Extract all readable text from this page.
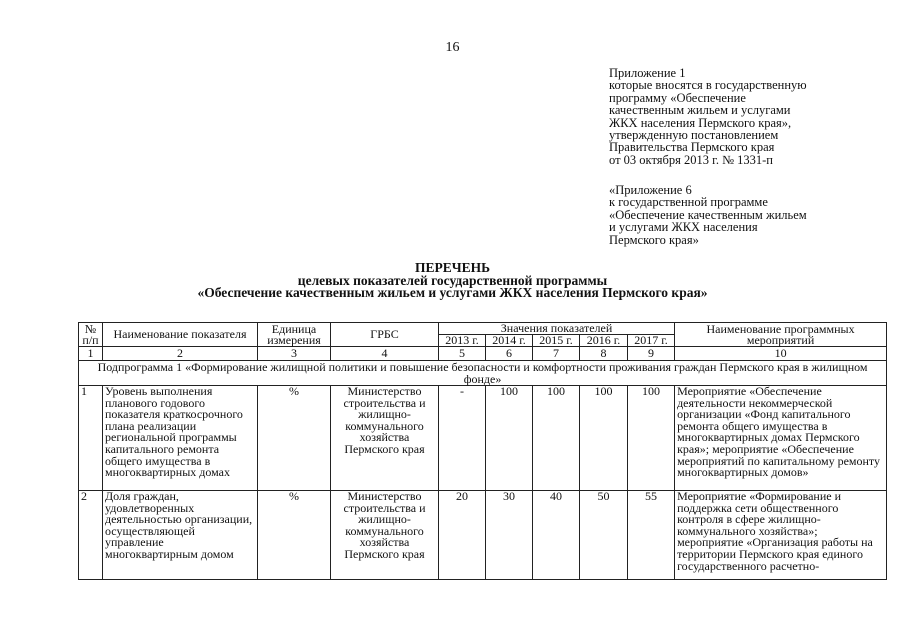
16
Приложение 1
которые вносятся в государственную
программу «Обеспечение
качественным жильем и услугами
ЖКХ населения Пермского края»,
утвержденную постановлением
Правительства Пермского края
от 03 октября 2013 г. № 1331-п
«Приложение 6
к государственной программе
«Обеспечение качественным жильем
и услугами ЖКХ населения
Пермского края»
ПЕРЕЧЕНЬ
целевых показателей государственной программы
«Обеспечение качественным жильем и услугами ЖКХ населения Пермского края»
№ п/п	Наименование показателя	Единица измерения	ГРБС	Значения показателей					Наименование программных мероприятий
				2013 г.	2014 г.	2015 г.	2016 г.	2017 г.	
1	2	3	4	5	6	7	8	9	10
Подпрограмма 1 «Формирование жилищной политики и повышение безопасности и комфортности проживания граждан Пермского края в жилищном фонде»									
1	Уровень выполнения планового годового показателя краткосрочного плана реализации региональной программы капитального ремонта общего имущества в многоквартирных домах	%	Министерство строительства и жилищно-коммунального хозяйства Пермского края	-	100	100	100	100	Мероприятие «Обеспечение деятельности некоммерческой организации «Фонд капитального ремонта общего имущества в многоквартирных домах Пермского края»; мероприятие «Обеспечение мероприятий по капитальному ремонту многоквартирных домов»
2	Доля граждан, удовлетворенных деятельностью организации, осуществляющей управление многоквартирным домом	%	Министерство строительства и жилищно-коммунального хозяйства Пермского края	20	30	40	50	55	Мероприятие «Формирование и поддержка сети общественного контроля в сфере жилищно-коммунального хозяйства»; мероприятие «Организация работы на территории Пермского края единого государственного расчетно-
